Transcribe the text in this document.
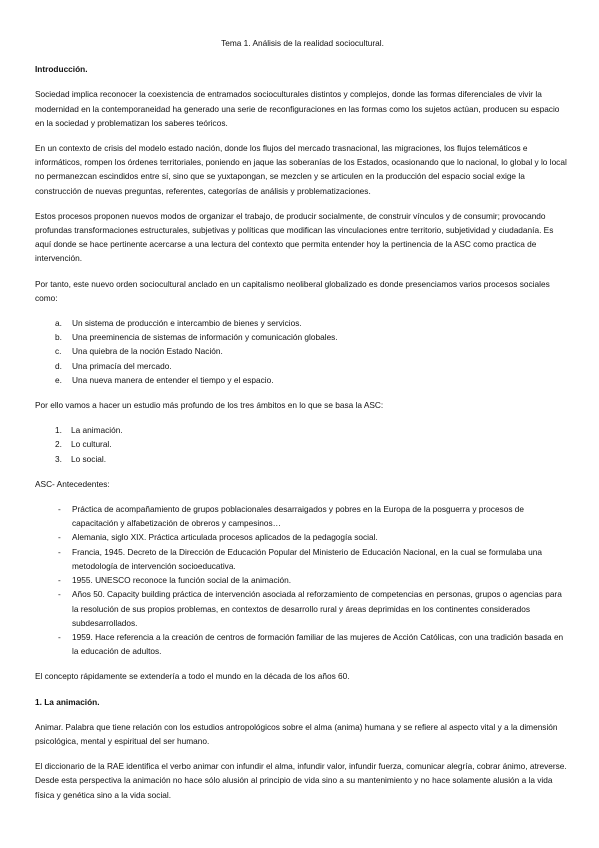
Tema 1. Análisis de la realidad sociocultural.
Introducción.

Sociedad implica reconocer la coexistencia de entramados socioculturales distintos y complejos, donde las formas diferenciales de vivir la modernidad en la contemporaneidad ha generado una serie de reconfiguraciones en las formas como los sujetos actúan, producen su espacio en la sociedad y problematizan los saberes teóricos.

En un contexto de crisis del modelo estado nación, donde los flujos del mercado trasnacional, las migraciones, los flujos telemáticos e informáticos, rompen los órdenes territoriales, poniendo en jaque las soberanías de los Estados, ocasionando que lo nacional, lo global y lo local no permanezcan escindidos entre sí, sino que se yuxtapongan, se mezclen y se articulen en la producción del espacio social exige la construcción de nuevas preguntas, referentes, categorías de análisis y problematizaciones.

Estos procesos proponen nuevos modos de organizar el trabajo, de producir socialmente, de construir vínculos y de consumir; provocando profundas transformaciones estructurales, subjetivas y políticas que modifican las vinculaciones entre territorio, subjetividad y ciudadanía. Es aquí donde se hace pertinente acercarse a una lectura del contexto que permita entender hoy la pertinencia de la ASC como practica de intervención.

Por tanto, este nuevo orden sociocultural anclado en un capitalismo neoliberal globalizado es donde presenciamos varios procesos sociales como:

a. Un sistema de producción e intercambio de bienes y servicios.
b. Una preeminencia de sistemas de información y comunicación globales.
c. Una quiebra de la noción Estado Nación.
d. Una primacía del mercado.
e. Una nueva manera de entender el tiempo y el espacio.

Por ello vamos a hacer un estudio más profundo de los tres ámbitos en lo que se basa la ASC:

1. La animación.
2. Lo cultural.
3. Lo social.

ASC- Antecedentes:

- Práctica de acompañamiento de grupos poblacionales desarraigados y pobres en la Europa de la posguerra y procesos de capacitación y alfabetización de obreros y campesinos…
- Alemania, siglo XIX. Práctica articulada procesos aplicados de la pedagogía social.
- Francia, 1945. Decreto de la Dirección de Educación Popular del Ministerio de Educación Nacional, en la cual se formulaba una metodología de intervención socioeducativa.
- 1955. UNESCO reconoce la función social de la animación.
- Años 50. Capacity building práctica de intervención asociada al reforzamiento de competencias en personas, grupos o agencias para la resolución de sus propios problemas, en contextos de desarrollo rural y áreas deprimidas en los continentes considerados subdesarrollados.
- 1959. Hace referencia a la creación de centros de formación familiar de las mujeres de Acción Católicas, con una tradición basada en la educación de adultos.

El concepto rápidamente se extendería a todo el mundo en la década de los años 60.

1. La animación.

Animar. Palabra que tiene relación con los estudios antropológicos sobre el alma (anima) humana y se refiere al aspecto vital y a la dimensión psicológica, mental y espiritual del ser humano.

El diccionario de la RAE identifica el verbo animar con infundir el alma, infundir valor, infundir fuerza, comunicar alegría, cobrar ánimo, atreverse. Desde esta perspectiva la animación no hace sólo alusión al principio de vida sino a su mantenimiento y no hace solamente alusión a la vida física y genética sino a la vida social.
